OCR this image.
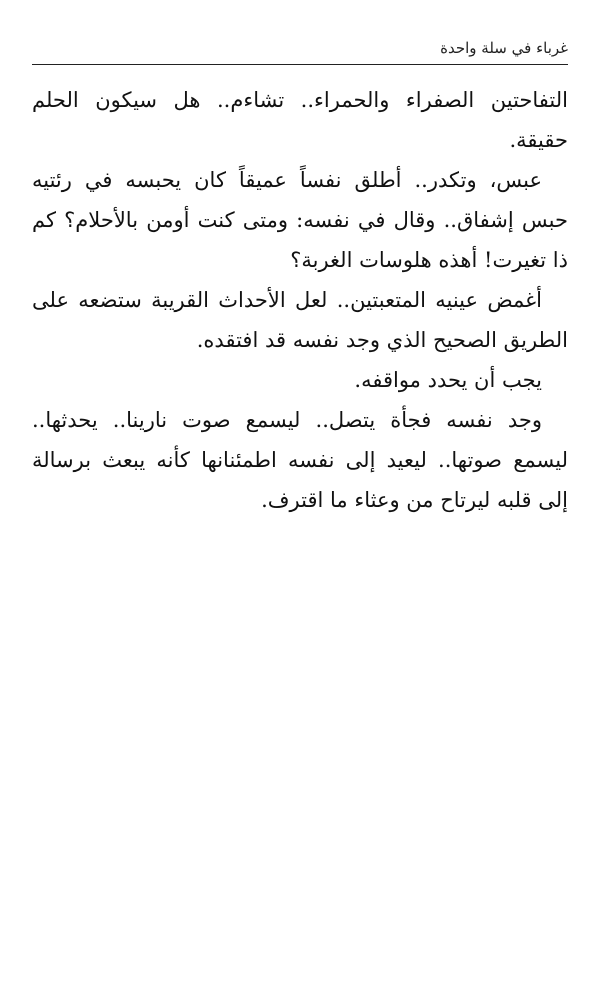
غرباء في سلة واحدة

التفاحتين الصفراء والحمراء.. تشاءم.. هل سيكون الحلم حقيقة.

عبس، وتكدر.. أطلق نفساً عميقاً كان يحبسه في رئتيه حبس إشفاق.. وقال في نفسه: ومتى كنت أومن بالأحلام؟ كم ذا تغيرت! أهذه هلوسات الغربة؟

أغمض عينيه المتعبتين.. لعل الأحداث القريبة ستضعه على الطريق الصحيح الذي وجد نفسه قد افتقده.

يجب أن يحدد مواقفه.

وجد نفسه فجأة يتصل.. ليسمع صوت نارينا.. يحدثها.. ليسمع صوتها.. ليعيد إلى نفسه اطمئنانها كأنه يبعث برسالة إلى قلبه ليرتاح من وعثاء ما اقترف.
